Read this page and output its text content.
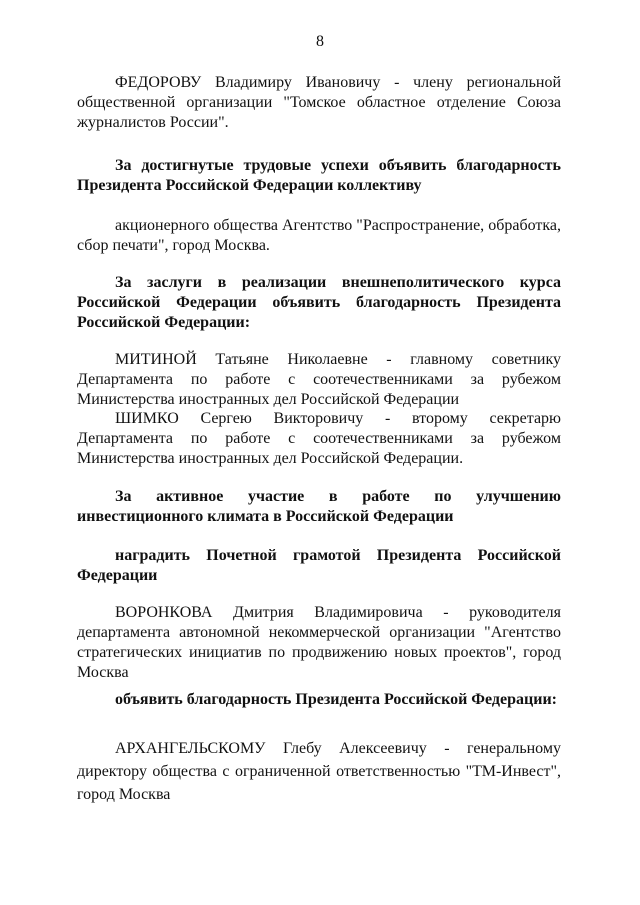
8

ФЕДОРОВУ Владимиру Ивановичу - члену региональной общественной организации "Томское областное отделение Союза журналистов России".

За достигнутые трудовые успехи объявить благодарность Президента Российской Федерации коллективу

акционерного общества Агентство "Распространение, обработка, сбор печати", город Москва.

За заслуги в реализации внешнеполитического курса Российской Федерации объявить благодарность Президента Российской Федерации:

МИТИНОЙ Татьяне Николаевне - главному советнику Департамента по работе с соотечественниками за рубежом Министерства иностранных дел Российской Федерации

ШИМКО Сергею Викторовичу - второму секретарю Департамента по работе с соотечественниками за рубежом Министерства иностранных дел Российской Федерации.

За активное участие в работе по улучшению инвестиционного климата в Российской Федерации

наградить Почетной грамотой Президента Российской Федерации

ВОРОНКОВА Дмитрия Владимировича - руководителя департамента автономной некоммерческой организации "Агентство стратегических инициатив по продвижению новых проектов", город Москва

объявить благодарность Президента Российской Федерации:

АРХАНГЕЛЬСКОМУ Глебу Алексеевичу - генеральному директору общества с ограниченной ответственностью "ТМ-Инвест", город Москва
